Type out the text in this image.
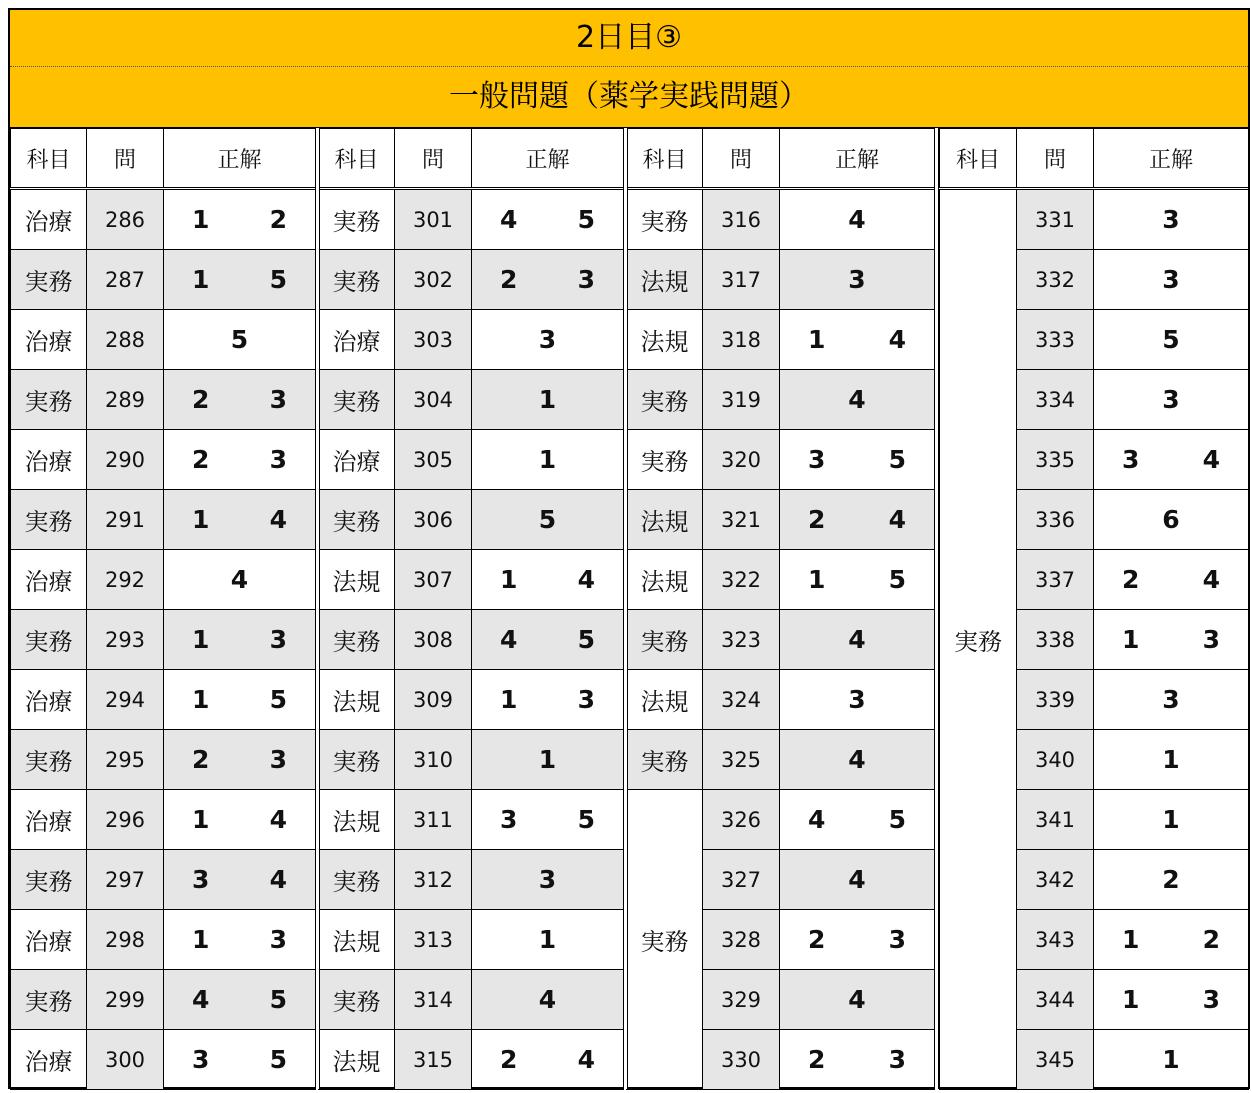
2日目③
一般問題（薬学実践問題）
科目	問	正解
治療	286	1 2

実務	287	1 5

治療	288	5
実務	289	2 3

治療	290	2 3

実務	291	1 4

治療	292	4
実務	293	1 3

治療	294	1 5

実務	295	2 3

治療	296	1 4

実務	297	3 4

治療	298	1 3

実務	299	4 5

治療	300	3 5
科目	問	正解
実務	301	4 5

実務	302	2 3

治療	303	3
実務	304	1
治療	305	1
実務	306	5
法規	307	1 4

実務	308	4 5

法規	309	1 3

実務	310	1
法規	311	3 5

実務	312	3
法規	313	1
実務	314	4
法規	315	2 4
科目	問	正解
実務	316	4
法規	317	3
法規	318	1 4

実務	319	4
実務	320	3 5

法規	321	2 4

法規	322	1 5

実務	323	4
法規	324	3
実務	325	4
実務	326	4 5

	327	4
	328	2 3

	329	4
	330	2 3
科目	問	正解
実務	331	3
	332	3
	333	5
	334	3
	335	3 4

	336	6
	337	2 4

	338	1 3

	339	3
	340	1
	341	1
	342	2
	343	1 2

	344	1 3

	345	1
